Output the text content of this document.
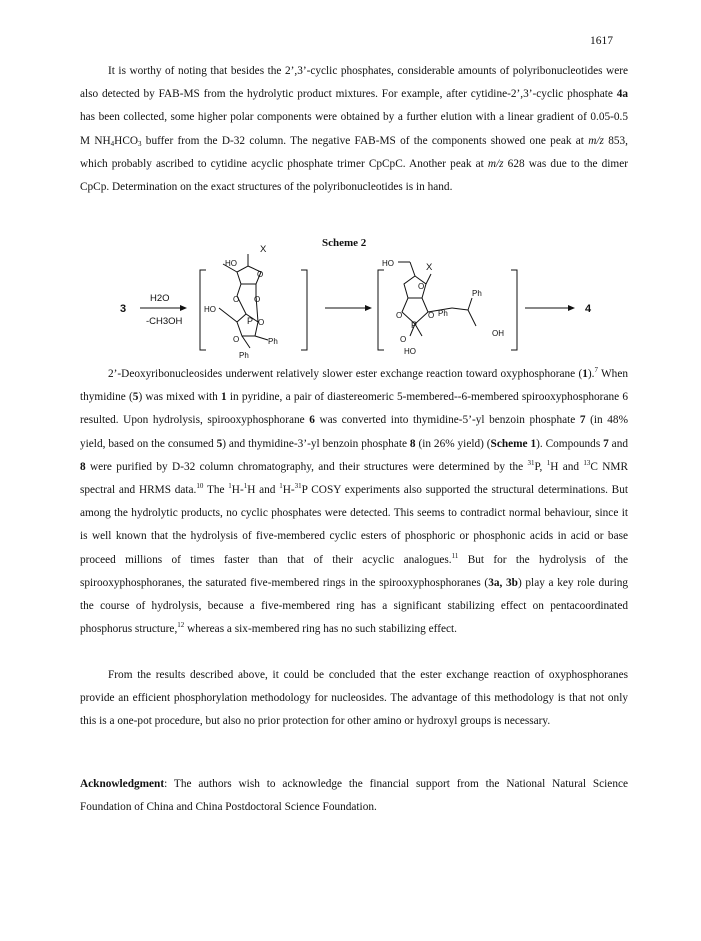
1617

It is worthy of noting that besides the 2’,3’-cyclic phosphates, considerable amounts of polyribonucleotides were also detected by FAB-MS from the hydrolytic product mixtures. For example, after cytidine-2’,3’-cyclic phosphate 4a has been collected, some higher polar components were obtained by a further elution with a linear gradient of 0.05-0.5 M $NH_4HCO_3$ buffer from the D-32 column. The negative FAB-MS of the components showed one peak at m/z 853, which probably ascribed to cytidine acyclic phosphate trimer CpCpC. Another peak at m/z 628 was due to the dimer CpCp. Determination on the exact structures of the polyribonucleotides is in hand.

Scheme 2
3
H2O
-CH3OH
X
HO
O
HO
O O
P O
O	Ph
Ph
X
HO
O
O	O
P
O
HO
Ph
Ph
OH
4

2’-Deoxyribonucleosides underwent relatively slower ester exchange reaction toward oxyphosphorane (1).$^7$ When thymidine (5) was mixed with 1 in pyridine, a pair of diastereomeric 5-membered--6-membered spirooxyphosphorane 6 resulted. Upon hydrolysis, spirooxyphosphorane 6 was converted into thymidine-5’-yl benzoin phosphate 7 (in 48% yield, based on the consumed 5) and thymidine-3’-yl benzoin phosphate 8 (in 26% yield) (Scheme 1). Compounds 7 and 8 were purified by D-32 column chromatography, and their structures were determined by the $^{31}$P, $^1$H and $^{13}$C NMR spectral and HRMS data.$^{10}$ The $^1$H-$^1$H and $^1$H-$^{31}$P COSY experiments also supported the structural determinations. But among the hydrolytic products, no cyclic phosphates were detected. This seems to contradict normal behaviour, since it is well known that the hydrolysis of five-membered cyclic esters of phosphoric or phosphonic acids in acid or base proceed millions of times faster than that of their acyclic analogues.$^{11}$ But for the hydrolysis of the spirooxyphosphoranes, the saturated five-membered rings in the spirooxyphosphoranes (3a, 3b) play a key role during the course of hydrolysis, because a five-membered ring has a significant stabilizing effect on pentacoordinated phosphorus structure,$^{12}$ whereas a six-membered ring has no such stabilizing effect.

From the results described above, it could be concluded that the ester exchange reaction of oxyphosphoranes provide an efficient phosphorylation methodology for nucleosides. The advantage of this methodology is that not only this is a one-pot procedure, but also no prior protection for other amino or hydroxyl groups is necessary.

Acknowledgment: The authors wish to acknowledge the financial support from the National Natural Science Foundation of China and China Postdoctoral Science Foundation.
